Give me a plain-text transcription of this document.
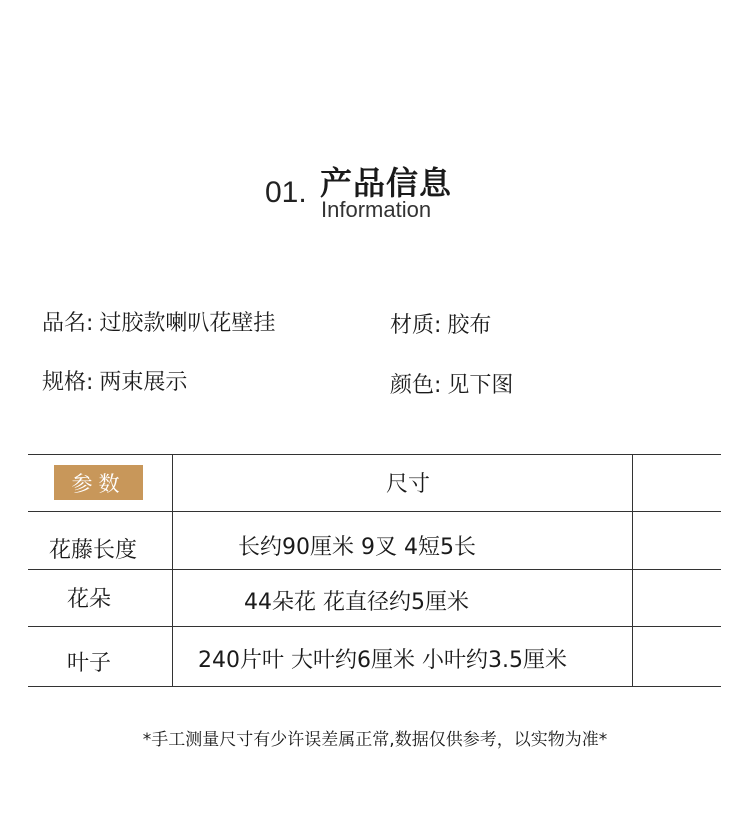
01. 产品信息
Information
品名: 过胶款喇叭花壁挂	材质: 胶布
规格: 两束展示	颜色: 见下图
参数	尺寸
花藤长度	长约90厘米 9叉 4短5长
花朵	44朵花 花直径约5厘米
叶子	240片叶 大叶约6厘米 小叶约3.5厘米

*手工测量尺寸有少许误差属正常,数据仅供参考，以实物为准*
